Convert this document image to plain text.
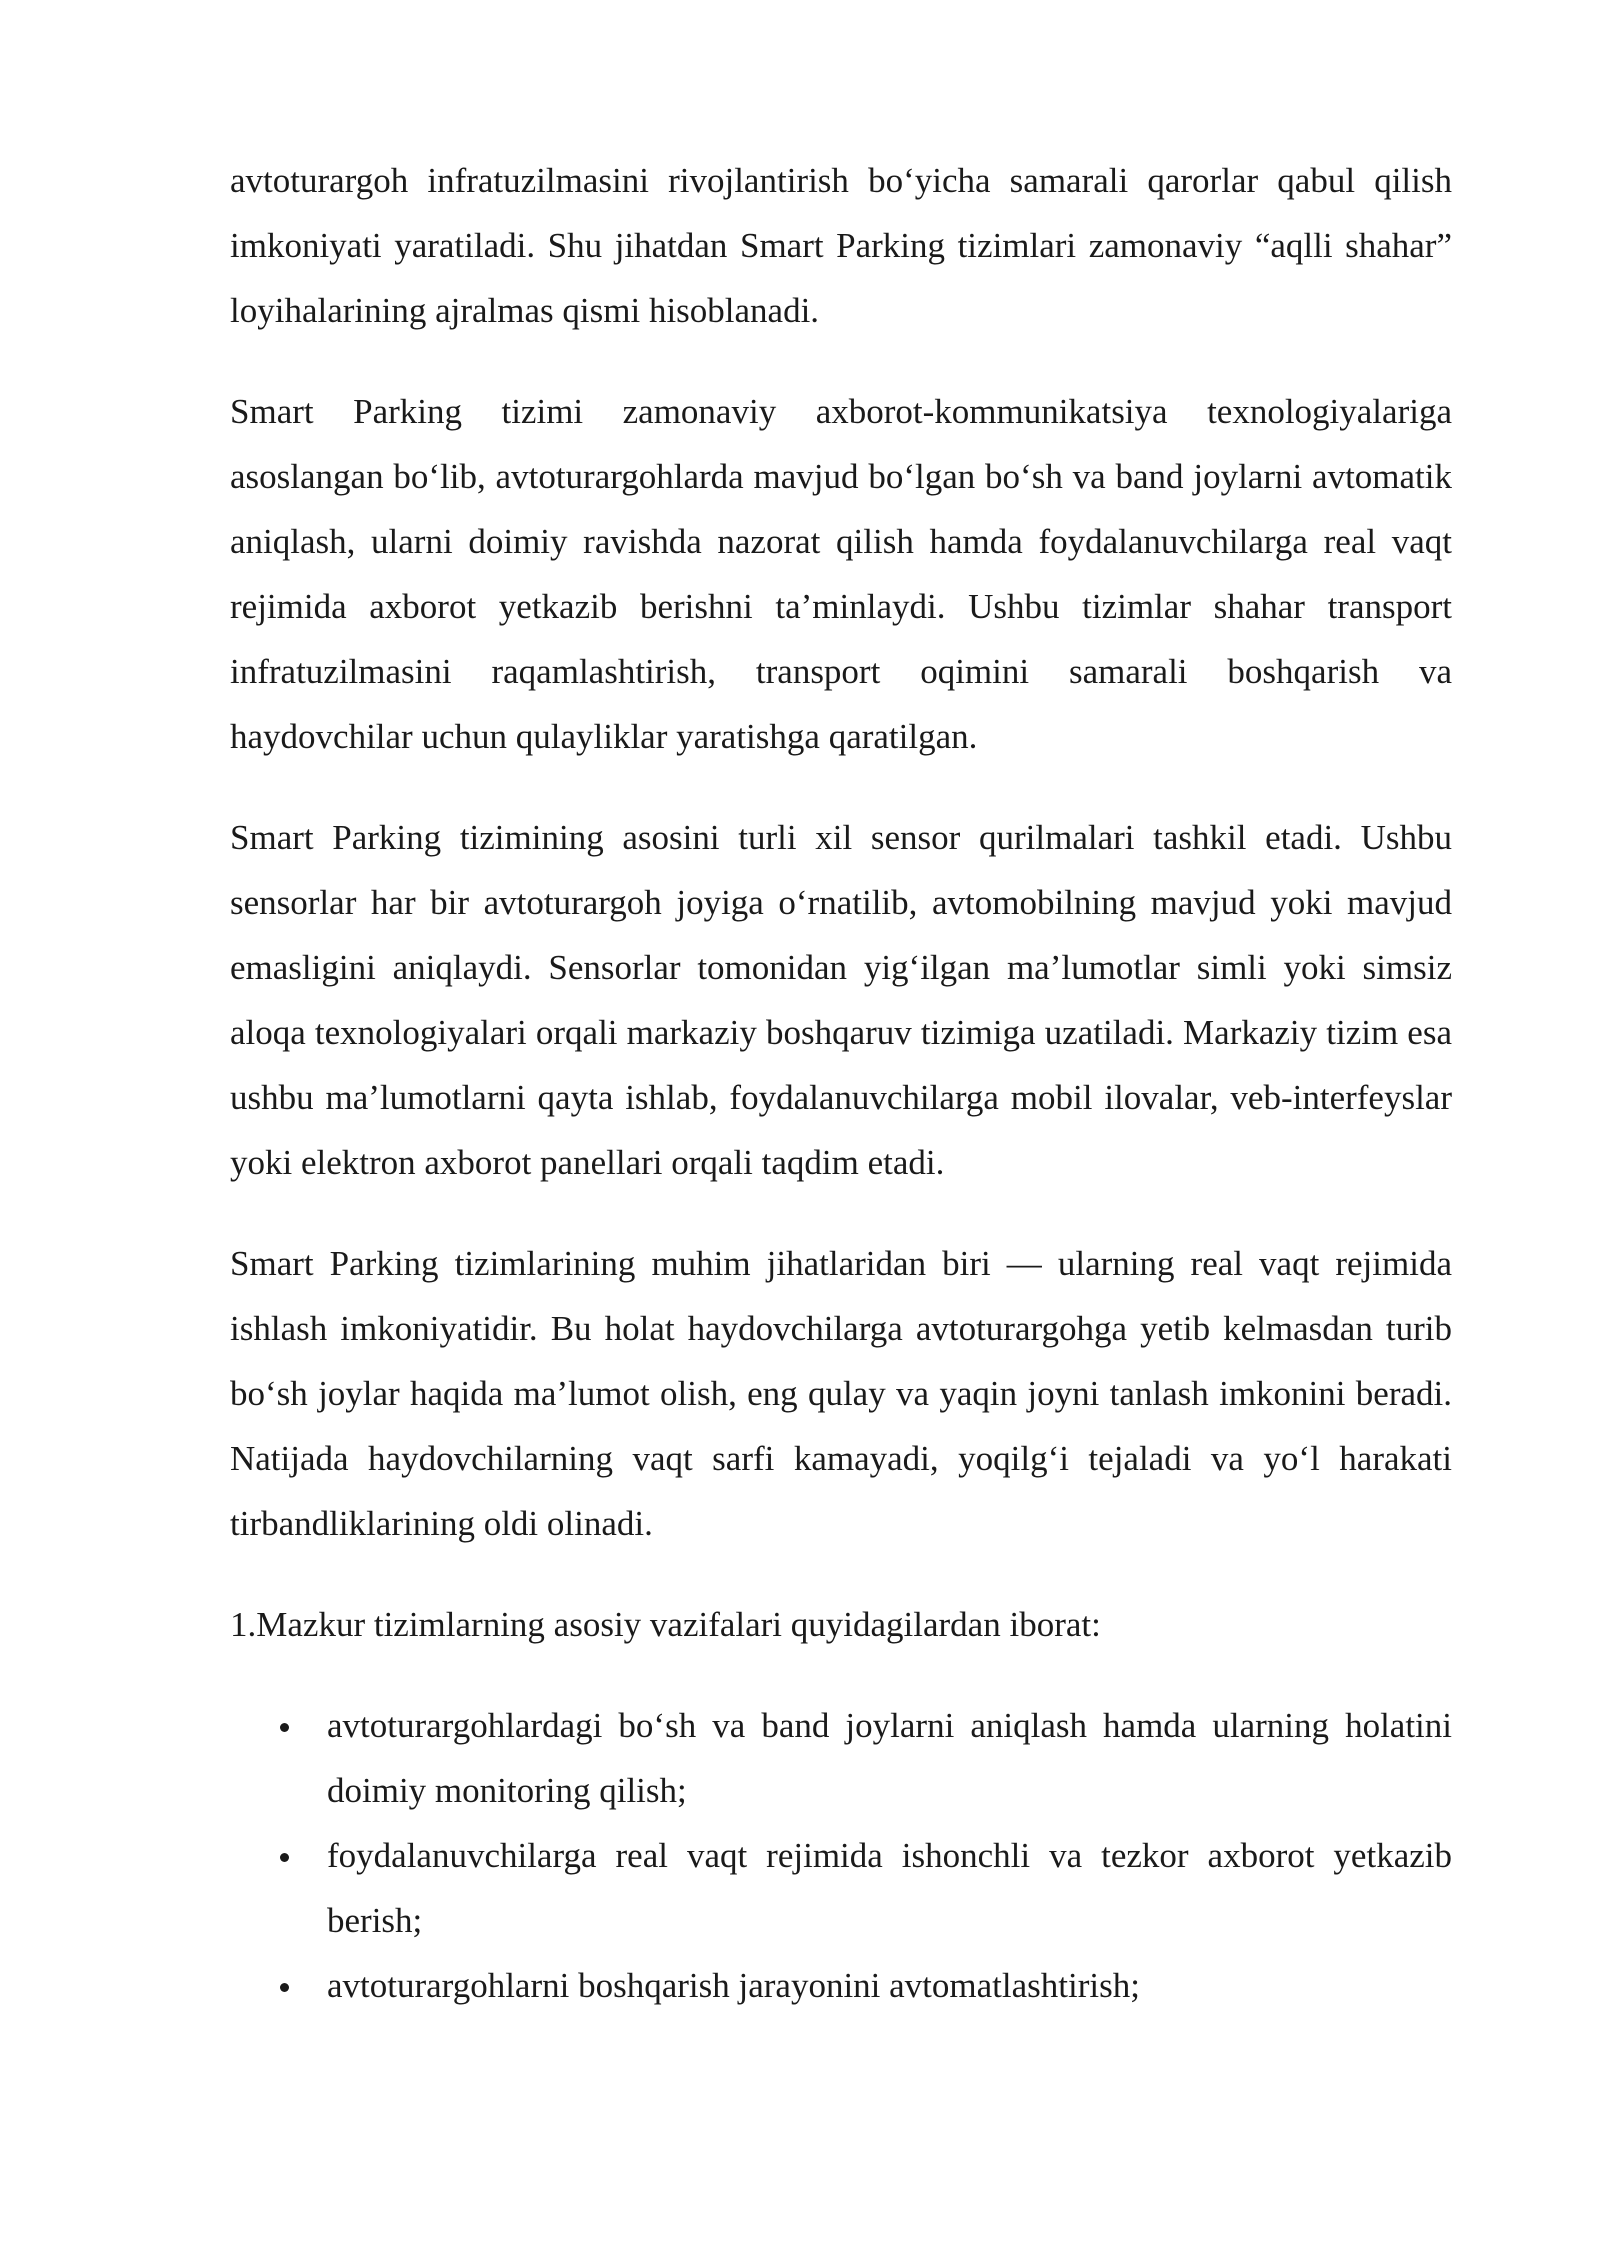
avtoturargoh infratuzilmasini rivojlantirish bo‘yicha samarali qarorlar qabul qilish imkoniyati yaratiladi. Shu jihatdan Smart Parking tizimlari zamonaviy “aqlli shahar” loyihalarining ajralmas qismi hisoblanadi.

Smart Parking tizimi zamonaviy axborot-kommunikatsiya texnologiyalariga asoslangan bo‘lib, avtoturargohlarda mavjud bo‘lgan bo‘sh va band joylarni avtomatik aniqlash, ularni doimiy ravishda nazorat qilish hamda foydalanuvchilarga real vaqt rejimida axborot yetkazib berishni ta’minlaydi. Ushbu tizimlar shahar transport infratuzilmasini raqamlashtirish, transport oqimini samarali boshqarish va haydovchilar uchun qulayliklar yaratishga qaratilgan.

Smart Parking tizimining asosini turli xil sensor qurilmalari tashkil etadi. Ushbu sensorlar har bir avtoturargoh joyiga o‘rnatilib, avtomobilning mavjud yoki mavjud emasligini aniqlaydi. Sensorlar tomonidan yig‘ilgan ma’lumotlar simli yoki simsiz aloqa texnologiyalari orqali markaziy boshqaruv tizimiga uzatiladi. Markaziy tizim esa ushbu ma’lumotlarni qayta ishlab, foydalanuvchilarga mobil ilovalar, veb-interfeyslar yoki elektron axborot panellari orqali taqdim etadi.

Smart Parking tizimlarining muhim jihatlaridan biri — ularning real vaqt rejimida ishlash imkoniyatidir. Bu holat haydovchilarga avtoturargohga yetib kelmasdan turib bo‘sh joylar haqida ma’lumot olish, eng qulay va yaqin joyni tanlash imkonini beradi. Natijada haydovchilarning vaqt sarfi kamayadi, yoqilg‘i tejaladi va yo‘l harakati tirbandliklarining oldi olinadi.

1.Mazkur tizimlarning asosiy vazifalari quyidagilardan iborat:

avtoturargohlardagi bo‘sh va band joylarni aniqlash hamda ularning holatini doimiy monitoring qilish;
foydalanuvchilarga real vaqt rejimida ishonchli va tezkor axborot yetkazib berish;
avtoturargohlarni boshqarish jarayonini avtomatlashtirish;
